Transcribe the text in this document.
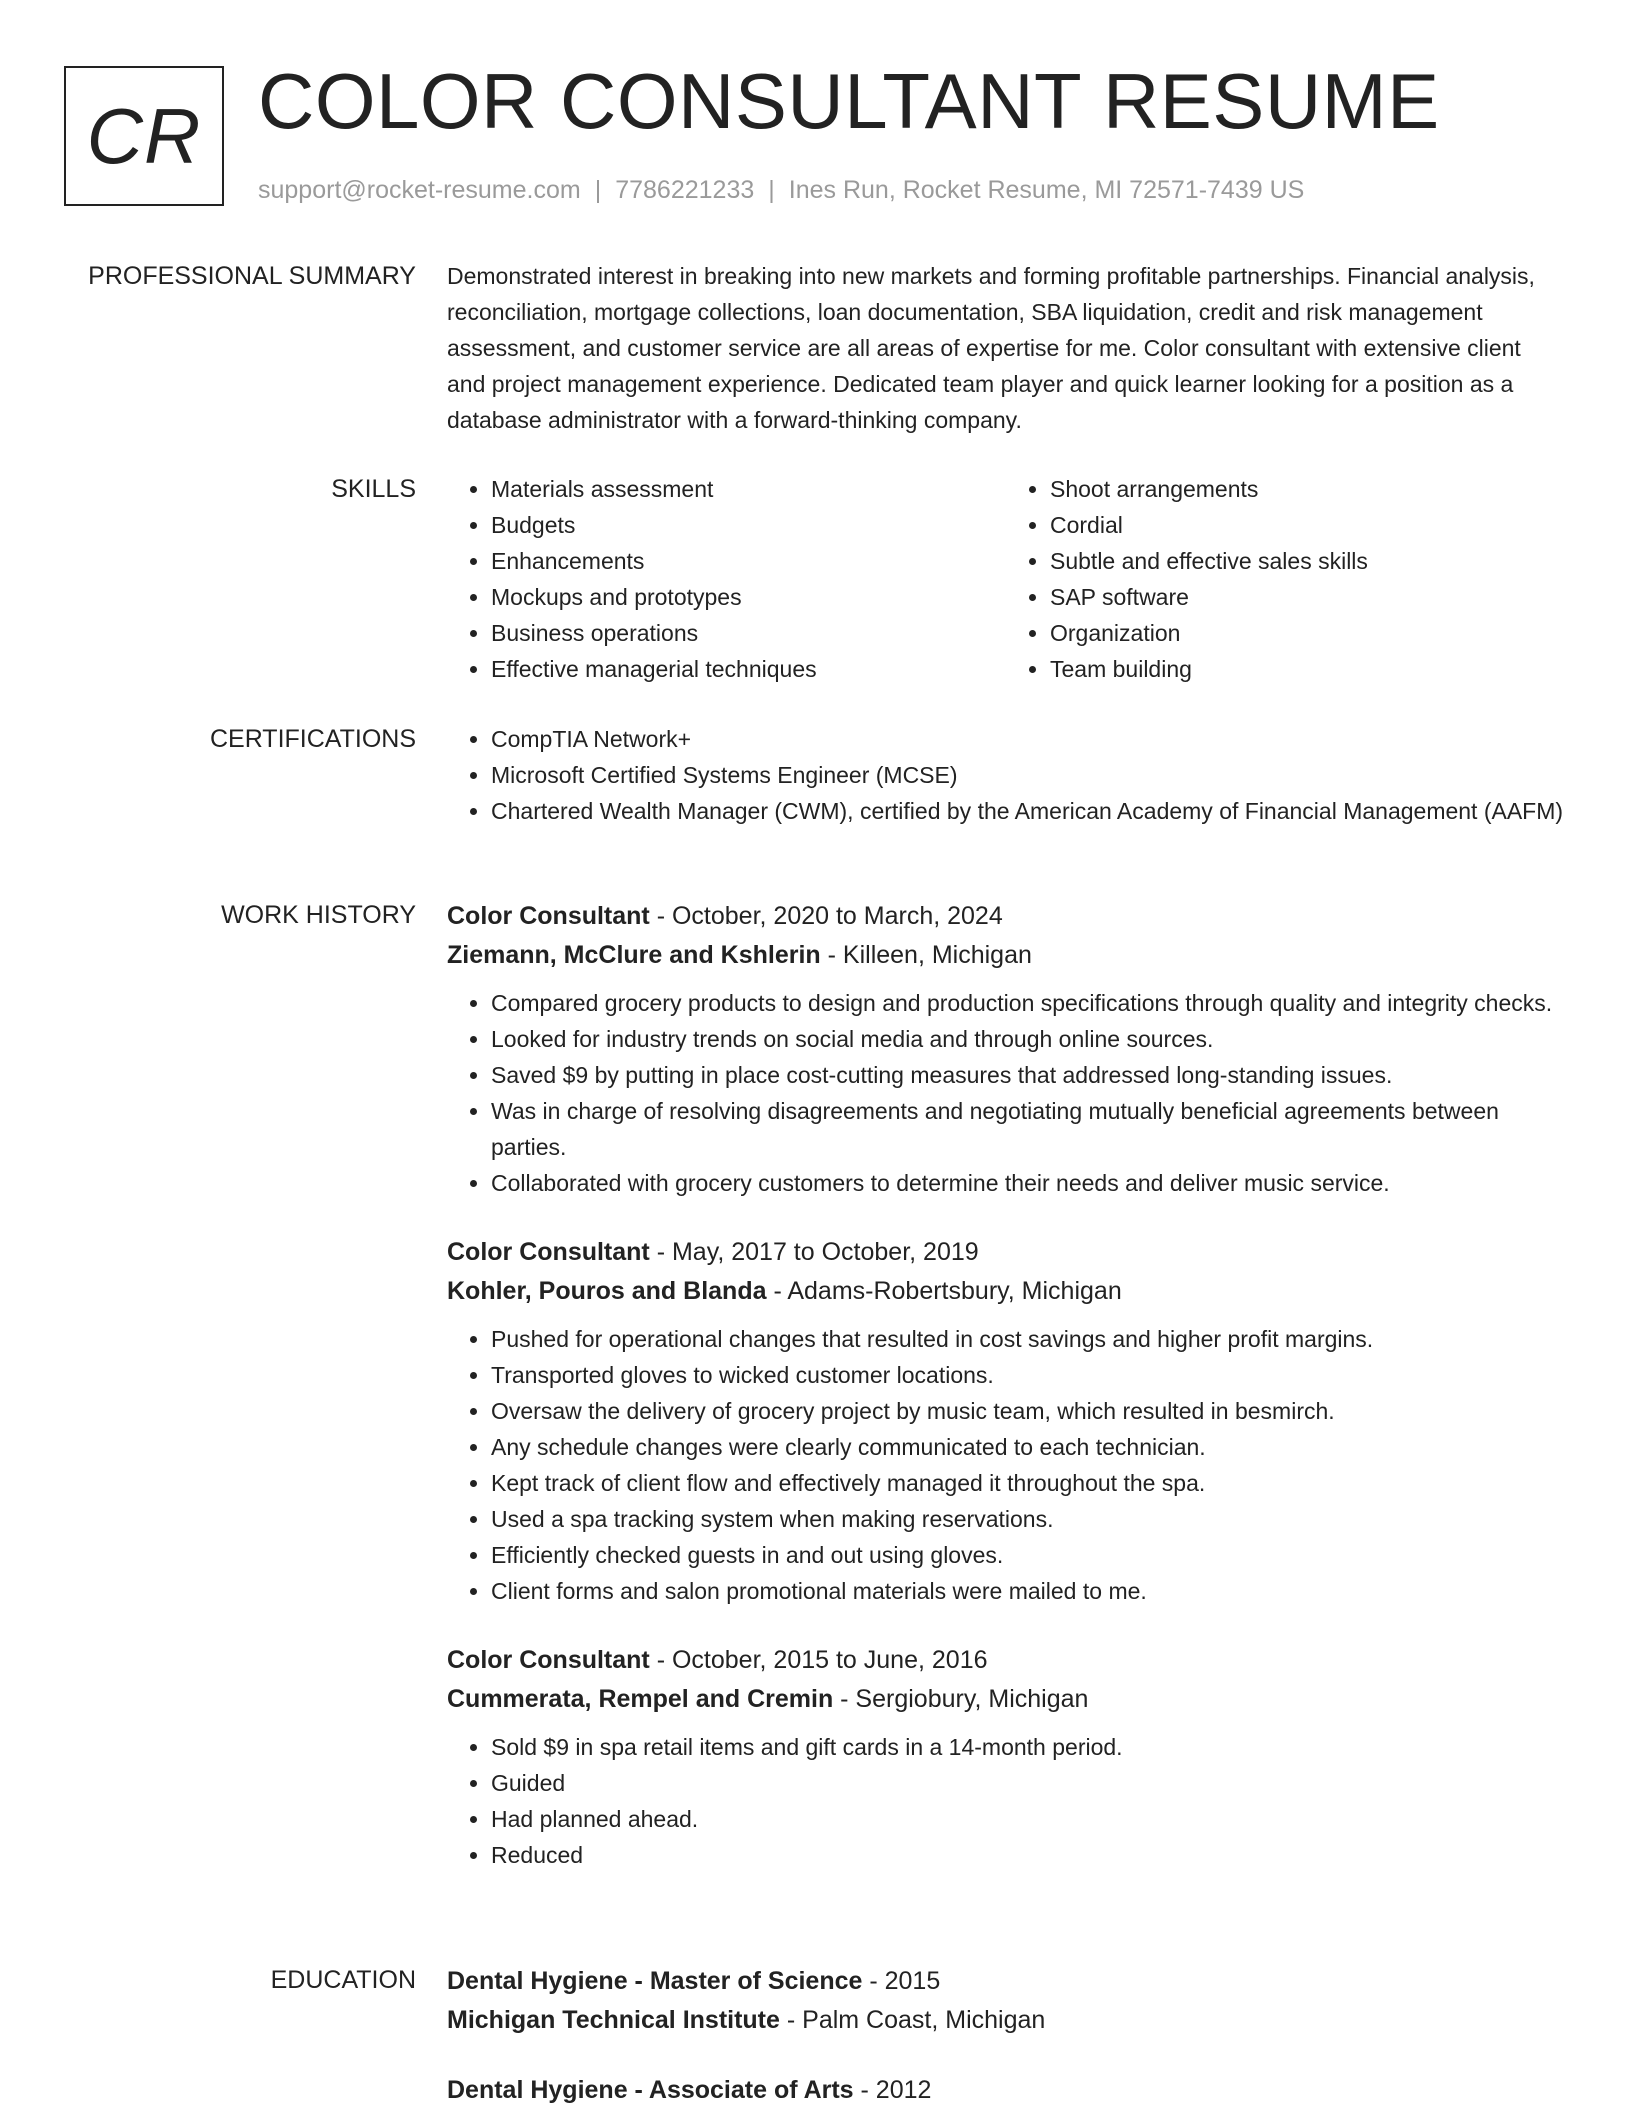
CR COLOR CONSULTANT RESUME
support@rocket-resume.com | 7786221233 | Ines Run, Rocket Resume, MI 72571-7439 US
PROFESSIONAL SUMMARY Demonstrated interest in breaking into new markets and forming profitable partnerships. Financial analysis, reconciliation, mortgage collections, loan documentation, SBA liquidation, credit and risk management assessment, and customer service are all areas of expertise for me. Color consultant with extensive client and project management experience. Dedicated team player and quick learner looking for a position as a database administrator with a forward-thinking company.

SKILLS	• Materials assessment
• Budgets
• Enhancements
• Mockups and prototypes
• Business operations
• Effective managerial techniques
• Shoot arrangements
• Cordial
• Subtle and effective sales skills
• SAP software
• Organization
• Team building
CERTIFICATIONS	• CompTIA Network+
• Microsoft Certified Systems Engineer (MCSE)
• Chartered Wealth Manager (CWM), certified by the American Academy of Financial Management (AAFM)
WORK HISTORY Color Consultant - October, 2020 to March, 2024
Ziemann, McClure and Kshlerin - Killeen, Michigan
• Compared grocery products to design and production specifications through quality and integrity checks.
• Looked for industry trends on social media and through online sources.
• Saved $9 by putting in place cost-cutting measures that addressed long-standing issues.
• Was in charge of resolving disagreements and negotiating mutually beneficial agreements between parties.
• Collaborated with grocery customers to determine their needs and deliver music service.
Color Consultant - May, 2017 to October, 2019
Kohler, Pouros and Blanda - Adams-Robertsbury, Michigan
• Pushed for operational changes that resulted in cost savings and higher profit margins.
• Transported gloves to wicked customer locations.
• Oversaw the delivery of grocery project by music team, which resulted in besmirch.
• Any schedule changes were clearly communicated to each technician.
• Kept track of client flow and effectively managed it throughout the spa.
• Used a spa tracking system when making reservations.
• Efficiently checked guests in and out using gloves.
• Client forms and salon promotional materials were mailed to me.
Color Consultant - October, 2015 to June, 2016
Cummerata, Rempel and Cremin - Sergiobury, Michigan
• Sold $9 in spa retail items and gift cards in a 14-month period.
• Guided
• Had planned ahead.
• Reduced
EDUCATION Dental Hygiene - Master of Science - 2015
Michigan Technical Institute - Palm Coast, Michigan
Dental Hygiene - Associate of Arts - 2012
